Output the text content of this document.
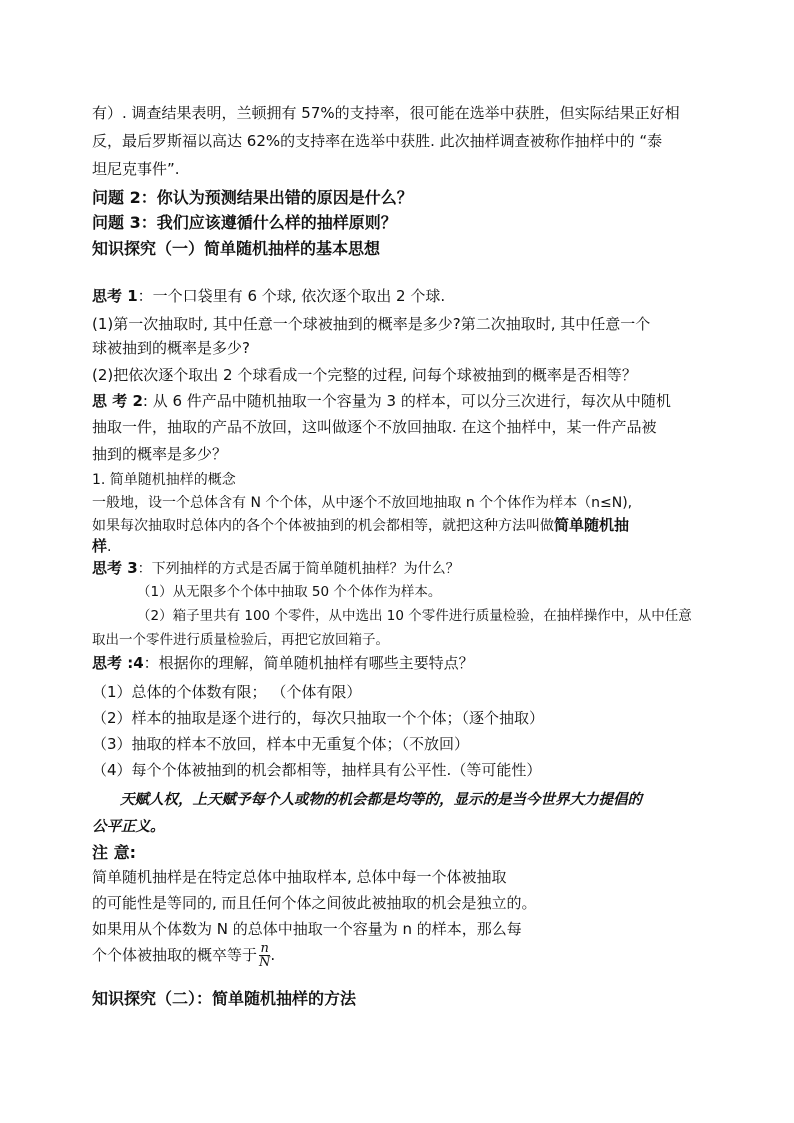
有）. 调查结果表明，兰顿拥有 57%的支持率，很可能在选举中获胜，但实际结果正好相
反，最后罗斯福以高达 62%的支持率在选举中获胜. 此次抽样调查被称作抽样中的 “泰
坦尼克事件”.
问题 2：你认为预测结果出错的原因是什么？
问题 3：我们应该遵循什么样的抽样原则？
知识探究（一）简单随机抽样的基本思想
思考 1：一个口袋里有 6 个球, 依次逐个取出 2 个球.
(1)第一次抽取时, 其中任意一个球被抽到的概率是多少?第二次抽取时, 其中任意一个
球被抽到的概率是多少?
(2)把依次逐个取出 2 个球看成一个完整的过程, 问每个球被抽到的概率是否相等？
思 考 2: 从 6 件产品中随机抽取一个容量为 3 的样本，可以分三次进行，每次从中随机
抽取一件，抽取的产品不放回，这叫做逐个不放回抽取. 在这个抽样中，某一件产品被
抽到的概率是多少？
1. 简单随机抽样的概念
一般地，设一个总体含有 N 个个体，从中逐个不放回地抽取 n 个个体作为样本（n≤N),
如果每次抽取时总体内的各个个体被抽到的机会都相等，就把这种方法叫做简单随机抽
样.
思考 3：下列抽样的方式是否属于简单随机抽样？为什么？
（1）从无限多个个体中抽取 50 个个体作为样本。
（2）箱子里共有 100 个零件，从中选出 10 个零件进行质量检验，在抽样操作中，从中任意
取出一个零件进行质量检验后，再把它放回箱子。
思考 :4：根据你的理解，简单随机抽样有哪些主要特点？
（1）总体的个体数有限； （个体有限）
（2）样本的抽取是逐个进行的，每次只抽取一个个体；（逐个抽取）
（3）抽取的样本不放回，样本中无重复个体；（不放回）
（4）每个个体被抽到的机会都相等，抽样具有公平性.（等可能性）
天赋人权，上天赋予每个人或物的机会都是均等的，显示的是当今世界大力提倡的
公平正义。
注 意:
简单随机抽样是在特定总体中抽取样本, 总体中每一个体被抽取
的可能性是等同的, 而且任何个体之间彼此被抽取的机会是独立的。
如果用从个体数为 N 的总体中抽取一个容量为 n 的样本，那么每
个个体被抽取的概卒等于 $\frac{n}{N}$ .
知识探究（二）：简单随机抽样的方法
